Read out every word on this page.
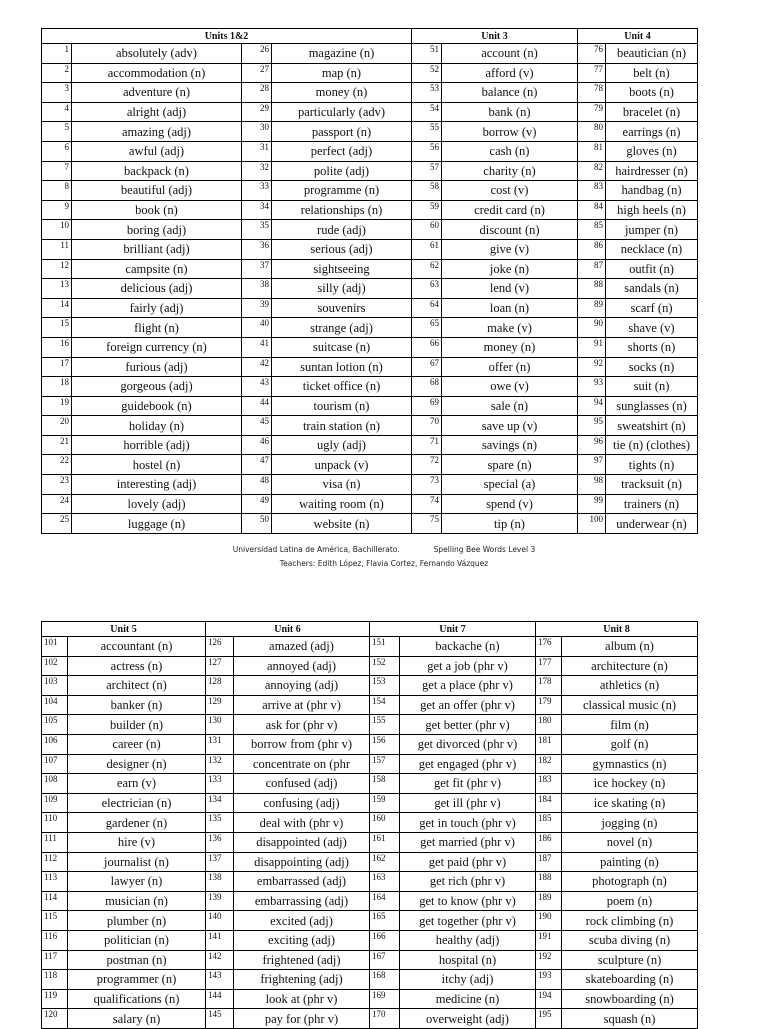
Units 1&2				Unit 3		Unit 4	
1	absolutely (adv)	26	magazine (n)	51	account (n)	76	beautician (n)
2	accommodation (n)	27	map (n)	52	afford (v)	77	belt (n)
3	adventure (n)	28	money (n)	53	balance (n)	78	boots (n)
4	alright (adj)	29	particularly (adv)	54	bank (n)	79	bracelet (n)
5	amazing (adj)	30	passport (n)	55	borrow (v)	80	earrings (n)
6	awful (adj)	31	perfect (adj)	56	cash (n)	81	gloves (n)
7	backpack (n)	32	polite (adj)	57	charity (n)	82	hairdresser (n)
8	beautiful (adj)	33	programme (n)	58	cost (v)	83	handbag (n)
9	book (n)	34	relationships (n)	59	credit card (n)	84	high heels (n)
10	boring (adj)	35	rude (adj)	60	discount (n)	85	jumper (n)
11	brilliant (adj)	36	serious (adj)	61	give (v)	86	necklace (n)
12	campsite (n)	37	sightseeing	62	joke (n)	87	outfit (n)
13	delicious (adj)	38	silly (adj)	63	lend (v)	88	sandals (n)
14	fairly (adj)	39	souvenirs	64	loan (n)	89	scarf (n)
15	flight (n)	40	strange (adj)	65	make (v)	90	shave (v)
16	foreign currency (n)	41	suitcase (n)	66	money (n)	91	shorts (n)
17	furious (adj)	42	suntan lotion (n)	67	offer (n)	92	socks (n)
18	gorgeous (adj)	43	ticket office (n)	68	owe (v)	93	suit (n)
19	guidebook (n)	44	tourism (n)	69	sale (n)	94	sunglasses (n)
20	holiday (n)	45	train station (n)	70	save up (v)	95	sweatshirt (n)
21	horrible (adj)	46	ugly (adj)	71	savings (n)	96	tie (n) (clothes)
22	hostel (n)	47	unpack (v)	72	spare (n)	97	tights (n)
23	interesting (adj)	48	visa (n)	73	special (a)	98	tracksuit (n)
24	lovely (adj)	49	waiting room (n)	74	spend (v)	99	trainers (n)
25	luggage (n)	50	website (n)	75	tip (n)	100	underwear (n)
Universidad Latina de América, Bachillerato.	Spelling Bee Words Level 3
Teachers: Edith López, Flavia Cortez, Fernando Vázquez
Unit 5		Unit 6		Unit 7		Unit 8	
101	accountant (n)	126	amazed (adj)	151	backache (n)	176	album (n)
102	actress (n)	127	annoyed (adj)	152	get a job (phr v)	177	architecture (n)
103	architect (n)	128	annoying (adj)	153	get a place (phr v)	178	athletics (n)
104	banker (n)	129	arrive at (phr v)	154	get an offer (phr v)	179	classical music (n)
105	builder (n)	130	ask for (phr v)	155	get better (phr v)	180	film (n)
106	career (n)	131	borrow from (phr v)	156	get divorced (phr v)	181	golf (n)
107	designer (n)	132	concentrate on (phr	157	get engaged (phr v)	182	gymnastics (n)
108	earn (v)	133	confused (adj)	158	get fit (phr v)	183	ice hockey (n)
109	electrician (n)	134	confusing (adj)	159	get ill (phr v)	184	ice skating (n)
110	gardener (n)	135	deal with (phr v)	160	get in touch (phr v)	185	jogging (n)
111	hire (v)	136	disappointed (adj)	161	get married (phr v)	186	novel (n)
112	journalist (n)	137	disappointing (adj)	162	get paid (phr v)	187	painting (n)
113	lawyer (n)	138	embarrassed (adj)	163	get rich (phr v)	188	photograph (n)
114	musician (n)	139	embarrassing (adj)	164	get to know (phr v)	189	poem (n)
115	plumber (n)	140	excited (adj)	165	get together (phr v)	190	rock climbing (n)
116	politician (n)	141	exciting (adj)	166	healthy (adj)	191	scuba diving (n)
117	postman (n)	142	frightened (adj)	167	hospital (n)	192	sculpture (n)
118	programmer (n)	143	frightening (adj)	168	itchy (adj)	193	skateboarding (n)
119	qualifications (n)	144	look at (phr v)	169	medicine (n)	194	snowboarding (n)
120	salary (n)	145	pay for (phr v)	170	overweight (adj)	195	squash (n)
